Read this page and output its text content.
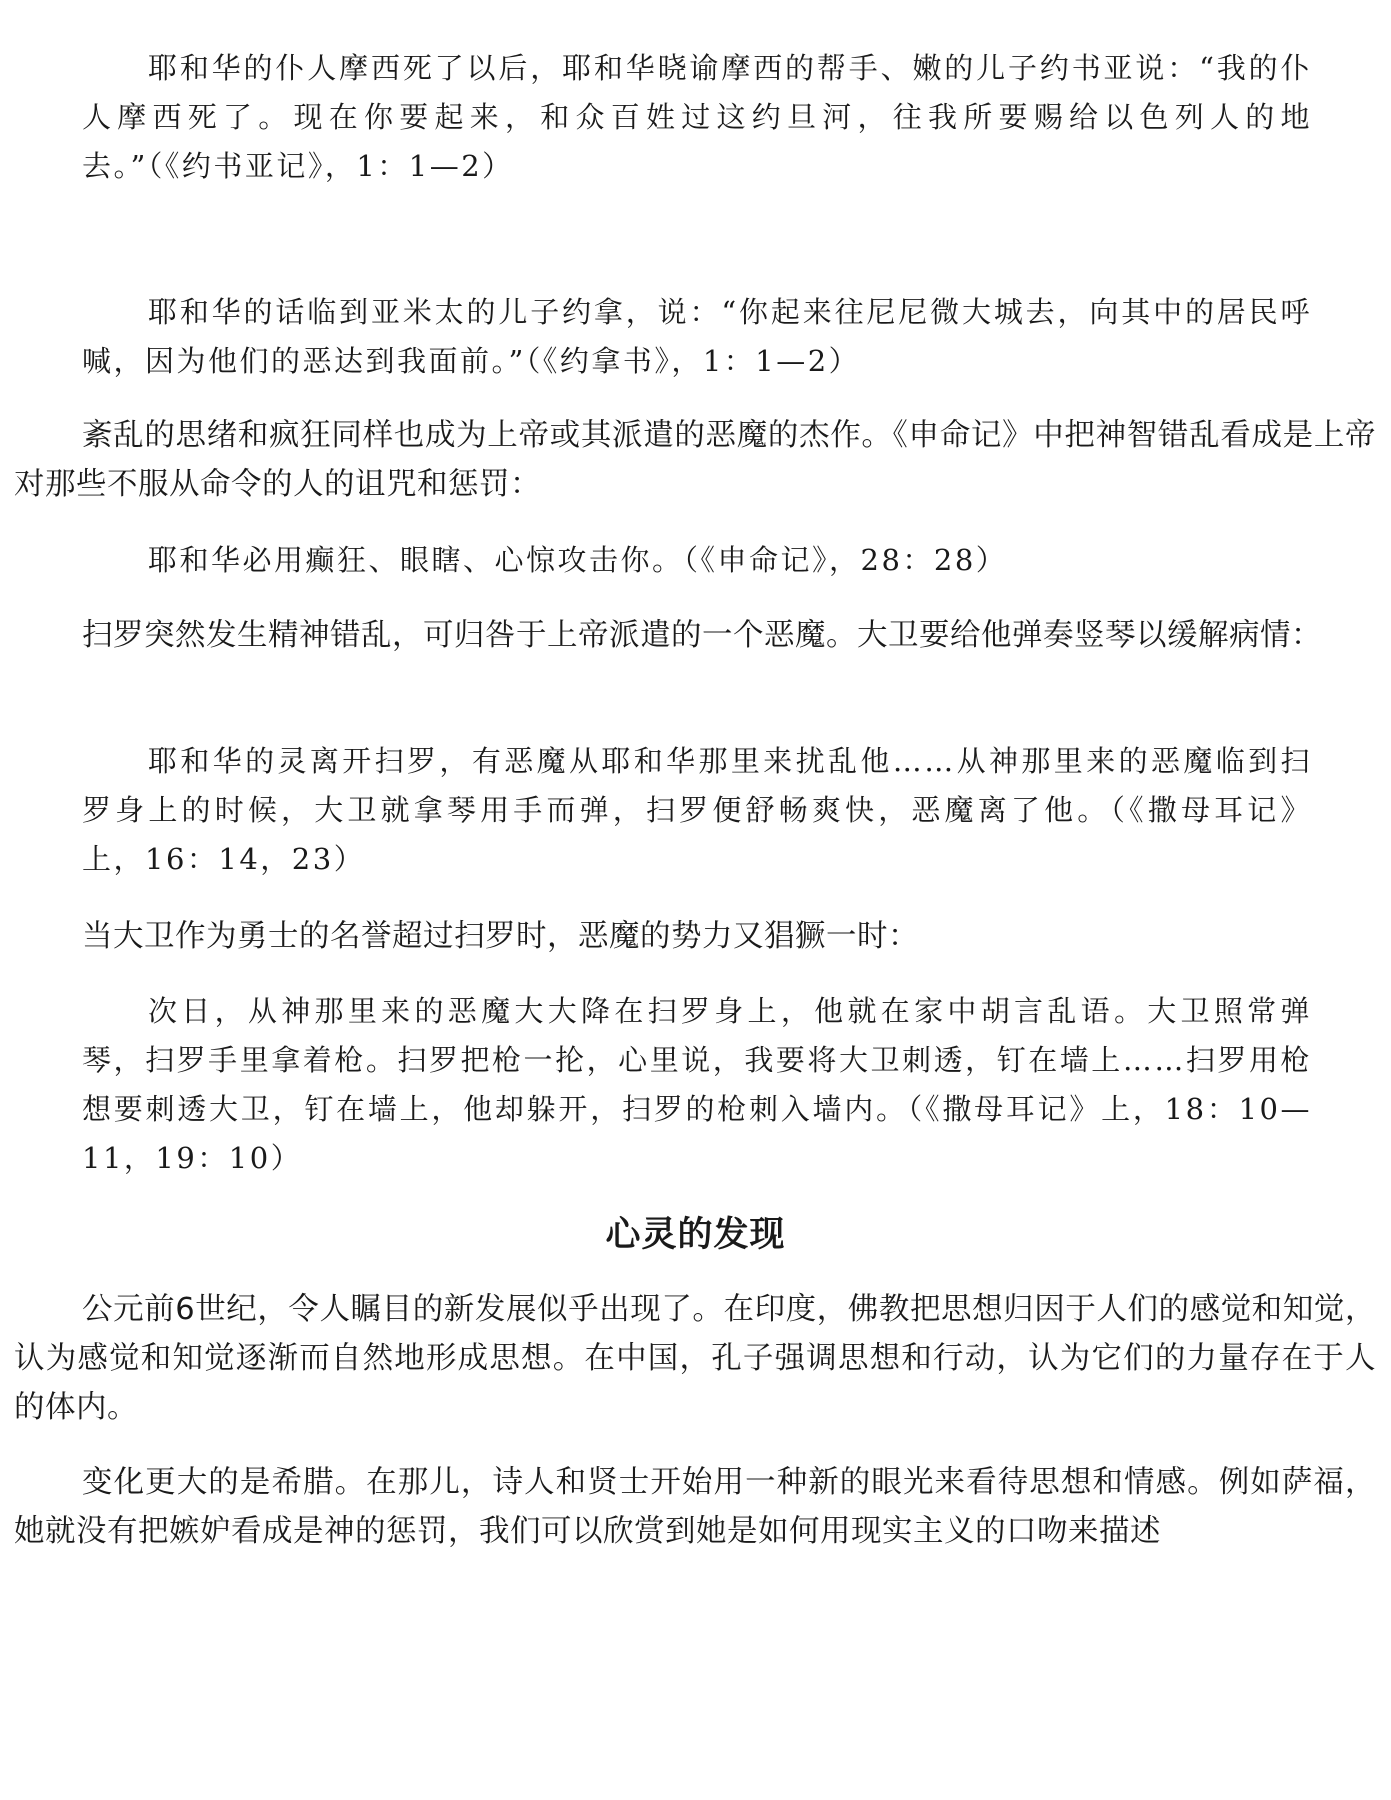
耶和华的仆人摩西死了以后，耶和华晓谕摩西的帮手、嫩的儿子约书亚说：“我的仆人摩西死了。现在你要起来，和众百姓过这约旦河，往我所要赐给以色列人的地去。”（《约书亚记》，1：1—2）

耶和华的话临到亚米太的儿子约拿，说：“你起来往尼尼微大城去，向其中的居民呼喊，因为他们的恶达到我面前。”（《约拿书》，1：1—2）

紊乱的思绪和疯狂同样也成为上帝或其派遣的恶魔的杰作。《申命记》中把神智错乱看成是上帝对那些不服从命令的人的诅咒和惩罚：

耶和华必用癫狂、眼瞎、心惊攻击你。（《申命记》，28：28）

扫罗突然发生精神错乱，可归咎于上帝派遣的一个恶魔。大卫要给他弹奏竖琴以缓解病情：

耶和华的灵离开扫罗，有恶魔从耶和华那里来扰乱他……从神那里来的恶魔临到扫罗身上的时候，大卫就拿琴用手而弹，扫罗便舒畅爽快，恶魔离了他。（《撒母耳记》上，16：14，23）

当大卫作为勇士的名誉超过扫罗时，恶魔的势力又猖獗一时：

次日，从神那里来的恶魔大大降在扫罗身上，他就在家中胡言乱语。大卫照常弹琴，扫罗手里拿着枪。扫罗把枪一抡，心里说，我要将大卫刺透，钉在墙上……扫罗用枪想要刺透大卫，钉在墙上，他却躲开，扫罗的枪刺入墙内。（《撒母耳记》上，18：10—11，19：10）

心灵的发现

公元前6世纪，令人瞩目的新发展似乎出现了。在印度，佛教把思想归因于人们的感觉和知觉，认为感觉和知觉逐渐而自然地形成思想。在中国，孔子强调思想和行动，认为它们的力量存在于人的体内。

变化更大的是希腊。在那儿，诗人和贤士开始用一种新的眼光来看待思想和情感。例如萨福，她就没有把嫉妒看成是神的惩罚，我们可以欣赏到她是如何用现实主义的口吻来描述
